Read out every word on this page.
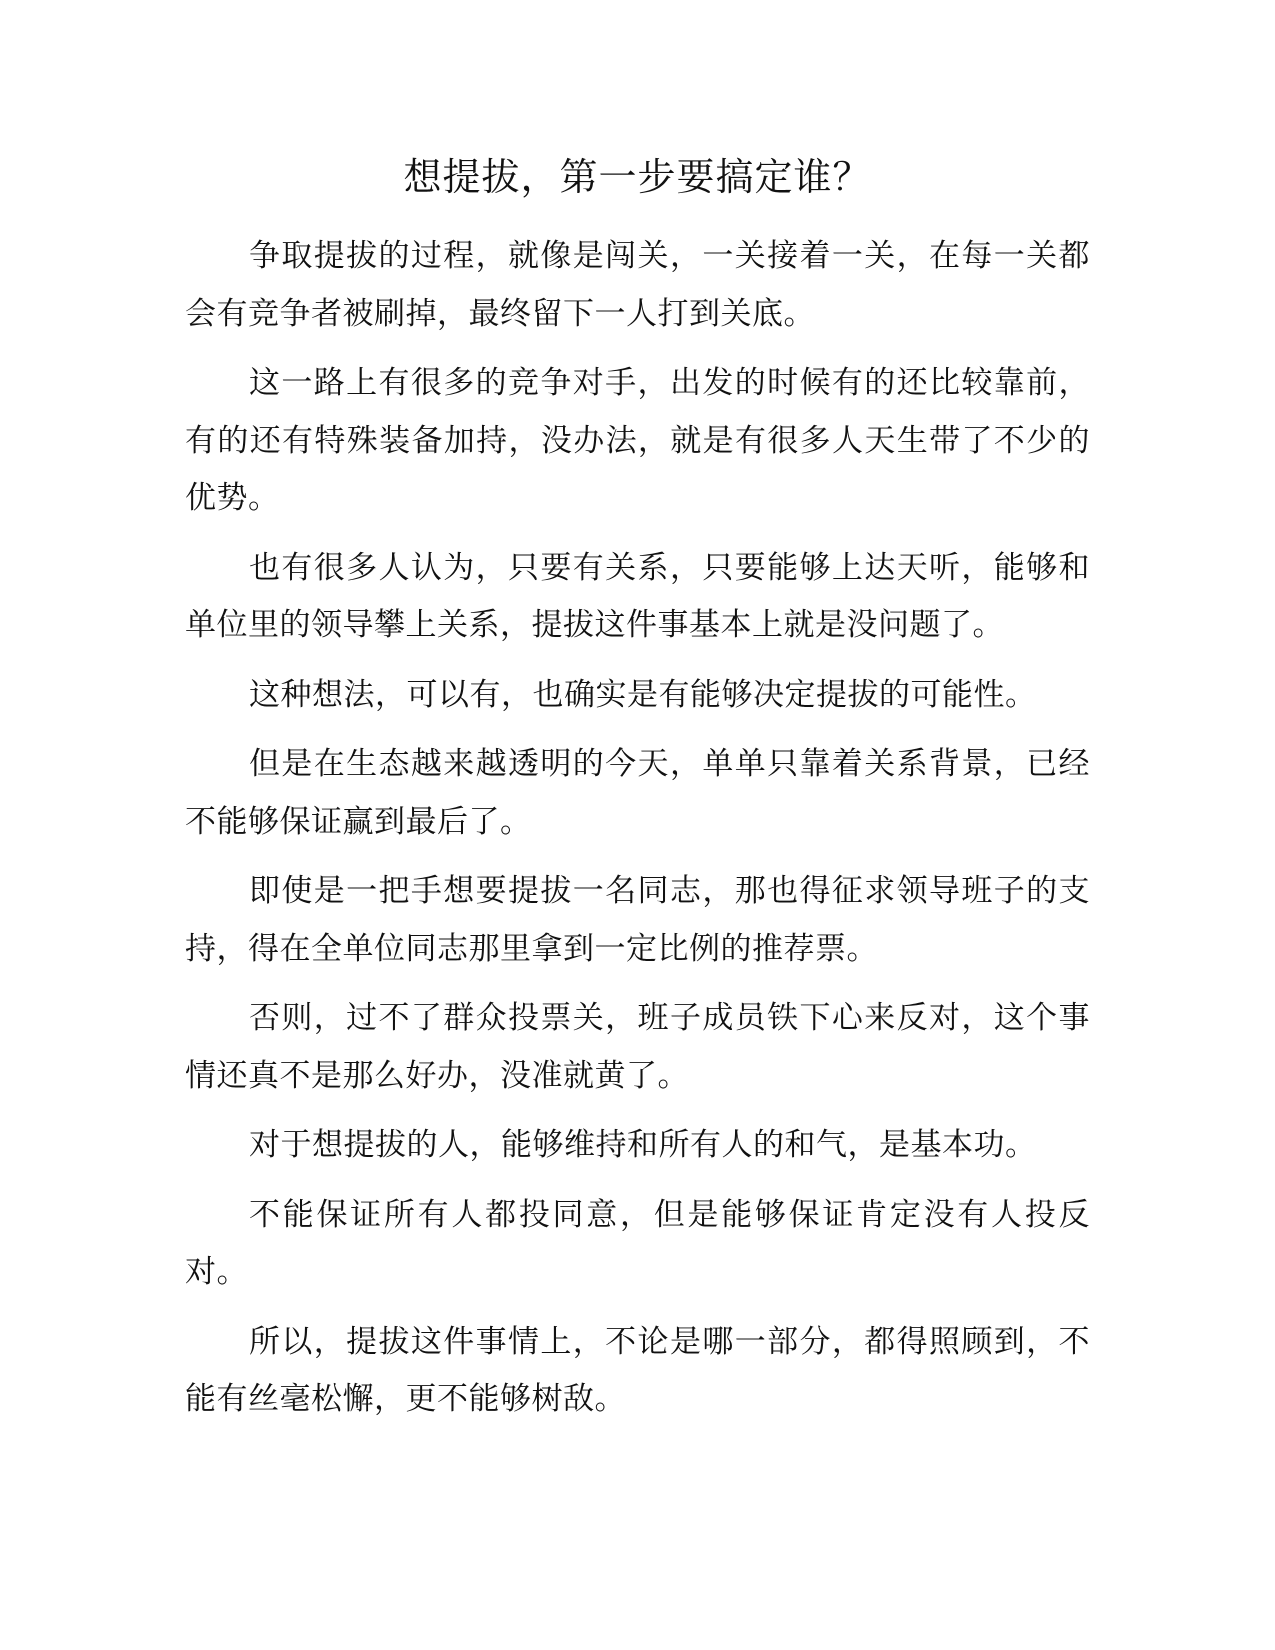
想提拔，第一步要搞定谁？

争取提拔的过程，就像是闯关，一关接着一关，在每一关都会有竞争者被刷掉，最终留下一人打到关底。

这一路上有很多的竞争对手，出发的时候有的还比较靠前，有的还有特殊装备加持，没办法，就是有很多人天生带了不少的优势。

也有很多人认为，只要有关系，只要能够上达天听，能够和单位里的领导攀上关系，提拔这件事基本上就是没问题了。

这种想法，可以有，也确实是有能够决定提拔的可能性。

但是在生态越来越透明的今天，单单只靠着关系背景，已经不能够保证赢到最后了。

即使是一把手想要提拔一名同志，那也得征求领导班子的支持，得在全单位同志那里拿到一定比例的推荐票。

否则，过不了群众投票关，班子成员铁下心来反对，这个事情还真不是那么好办，没准就黄了。

对于想提拔的人，能够维持和所有人的和气，是基本功。

不能保证所有人都投同意，但是能够保证肯定没有人投反对。

所以，提拔这件事情上，不论是哪一部分，都得照顾到，不能有丝毫松懈，更不能够树敌。
